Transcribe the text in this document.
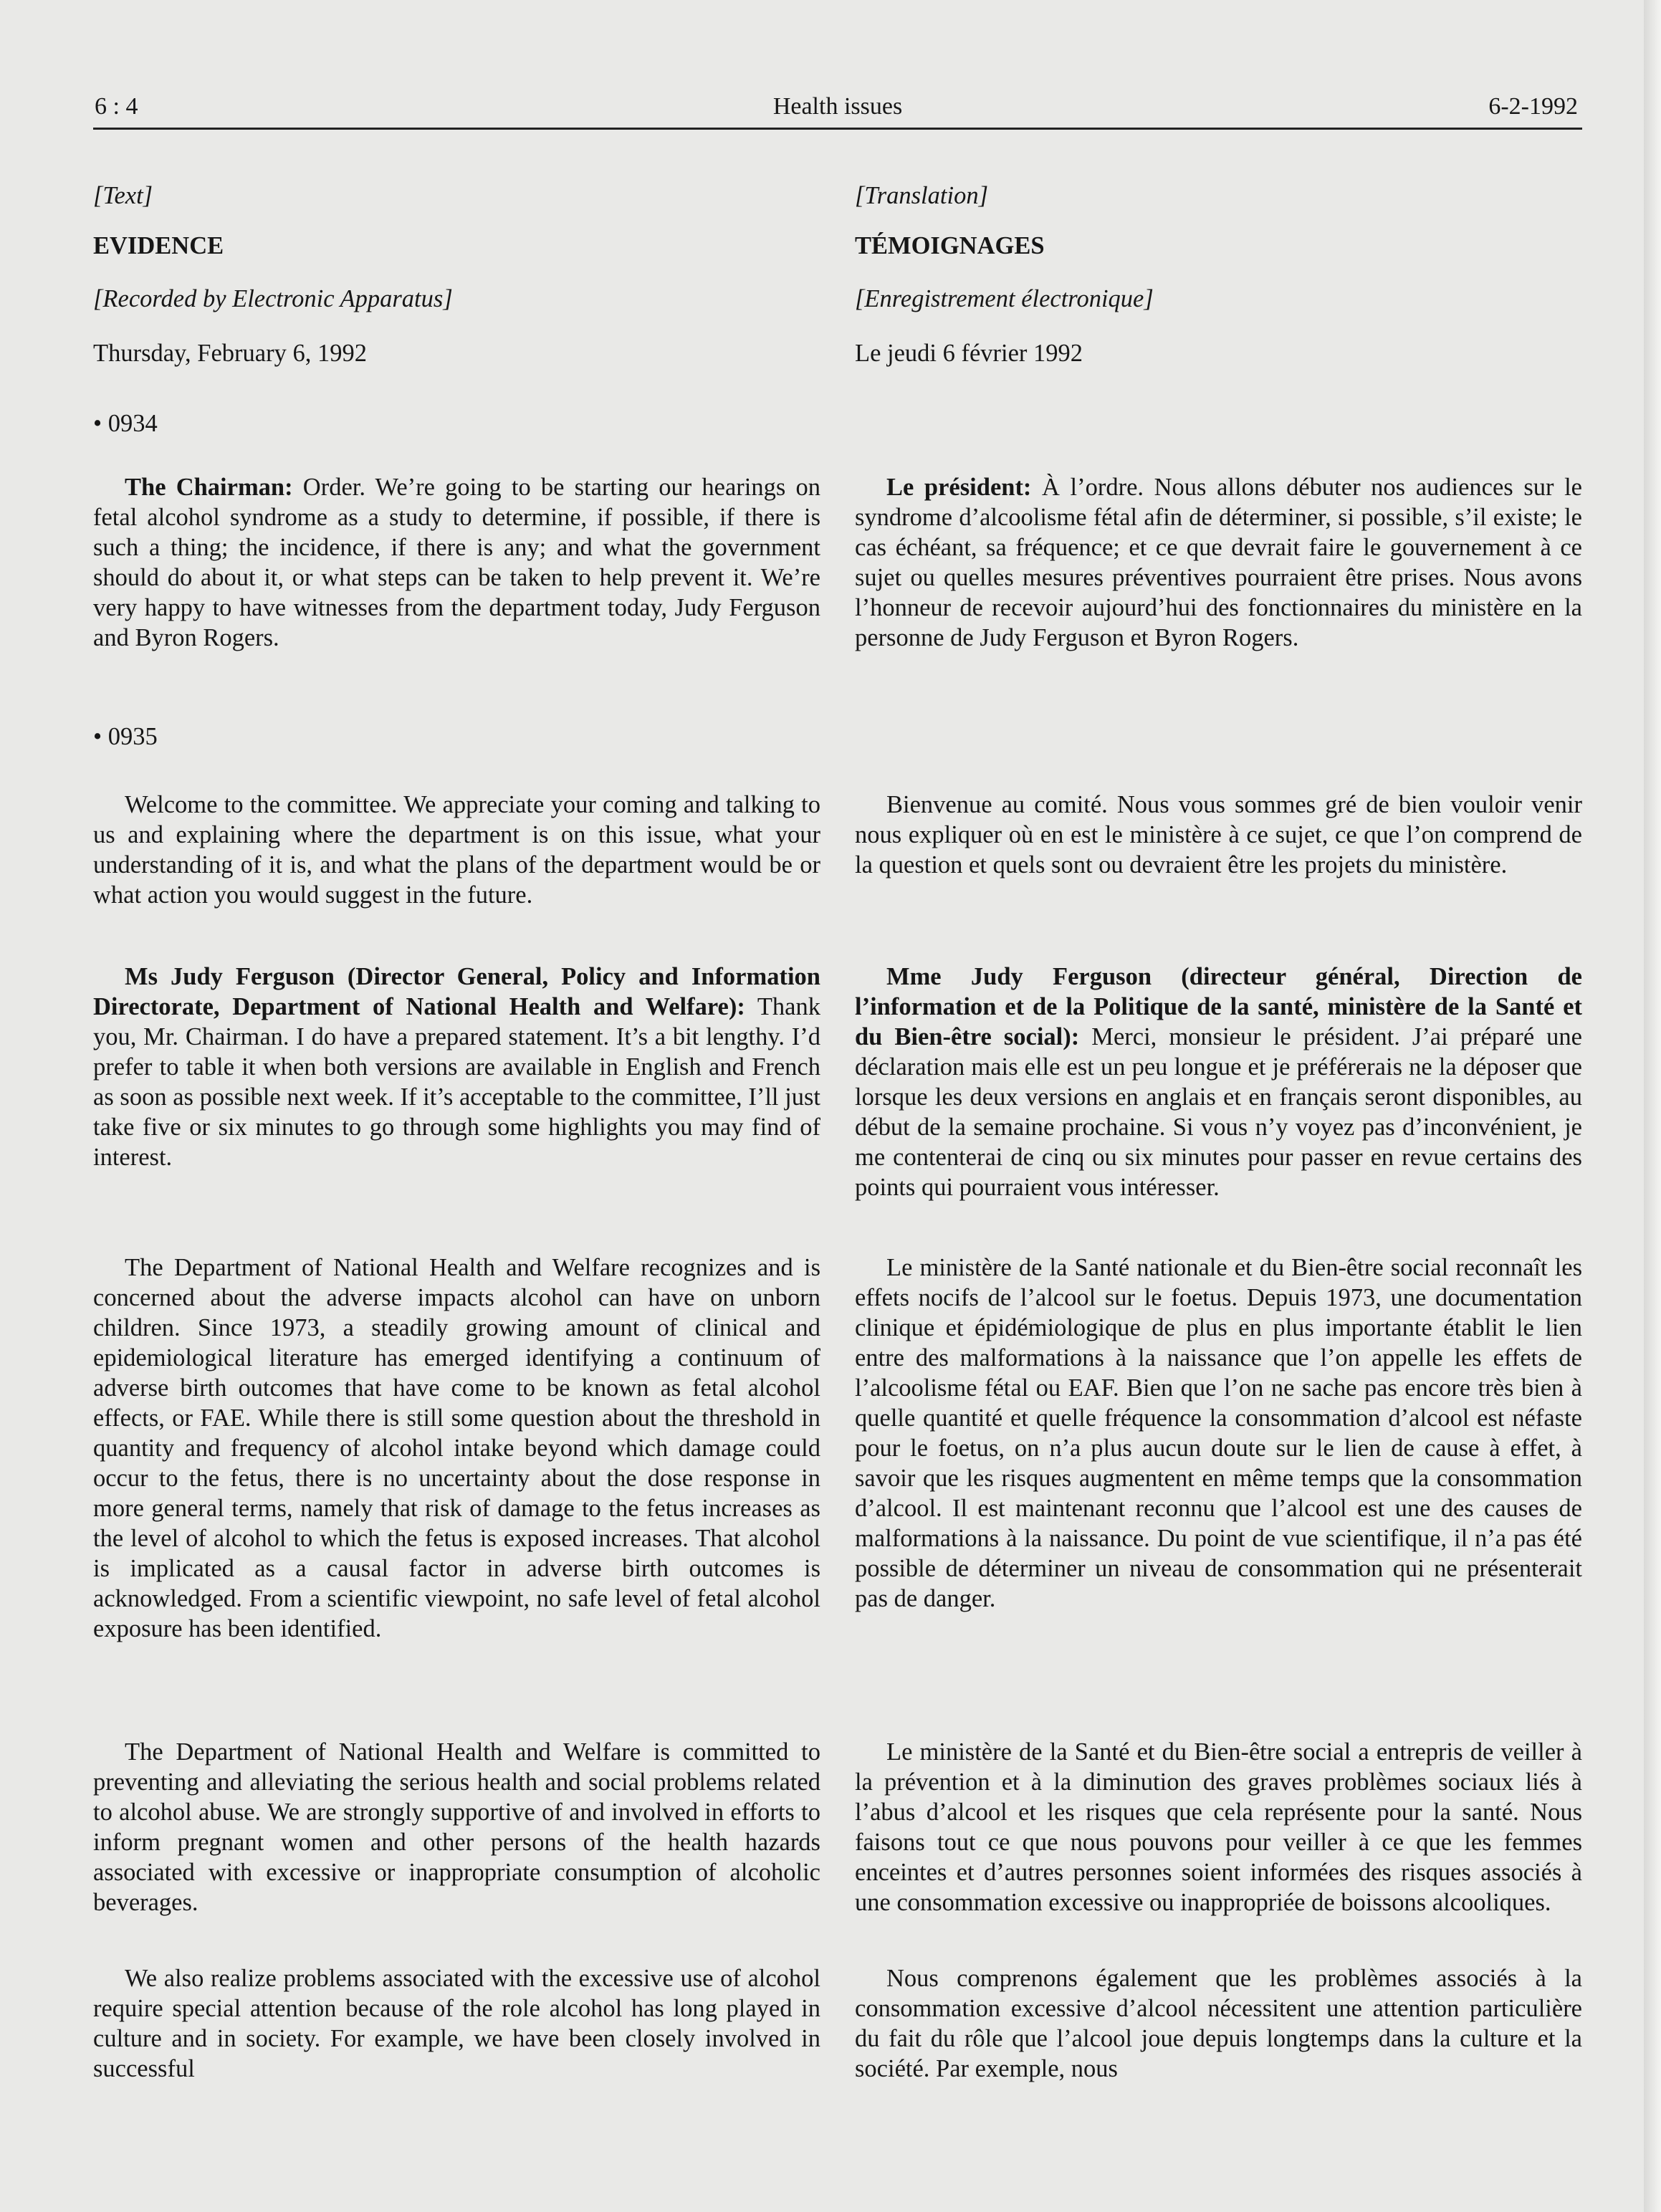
Health issues
6 : 4	6-2-1992

[Text]

EVIDENCE

[Recorded by Electronic Apparatus]

Thursday, February 6, 1992

• 0934

The Chairman: Order. We’re going to be starting our hearings on fetal alcohol syndrome as a study to determine, if possible, if there is such a thing; the incidence, if there is any; and what the government should do about it, or what steps can be taken to help prevent it. We’re very happy to have witnesses from the department today, Judy Ferguson and Byron Rogers.

• 0935

Welcome to the committee. We appreciate your coming and talking to us and explaining where the department is on this issue, what your understanding of it is, and what the plans of the department would be or what action you would suggest in the future.

Ms Judy Ferguson (Director General, Policy and Information Directorate, Department of National Health and Welfare): Thank you, Mr. Chairman. I do have a prepared statement. It’s a bit lengthy. I’d prefer to table it when both versions are available in English and French as soon as possible next week. If it’s acceptable to the committee, I’ll just take five or six minutes to go through some highlights you may find of interest.

The Department of National Health and Welfare recognizes and is concerned about the adverse impacts alcohol can have on unborn children. Since 1973, a steadily growing amount of clinical and epidemiological literature has emerged identifying a continuum of adverse birth outcomes that have come to be known as fetal alcohol effects, or FAE. While there is still some question about the threshold in quantity and frequency of alcohol intake beyond which damage could occur to the fetus, there is no uncertainty about the dose response in more general terms, namely that risk of damage to the fetus increases as the level of alcohol to which the fetus is exposed increases. That alcohol is implicated as a causal factor in adverse birth outcomes is acknowledged. From a scientific viewpoint, no safe level of fetal alcohol exposure has been identified.

The Department of National Health and Welfare is committed to preventing and alleviating the serious health and social problems related to alcohol abuse. We are strongly supportive of and involved in efforts to inform pregnant women and other persons of the health hazards associated with excessive or inappropriate consumption of alcoholic beverages.

We also realize problems associated with the excessive use of alcohol require special attention because of the role alcohol has long played in culture and in society. For example, we have been closely involved in successful

[Translation]

TÉMOIGNAGES

[Enregistrement électronique]

Le jeudi 6 février 1992

Le président: À l’ordre. Nous allons débuter nos audiences sur le syndrome d’alcoolisme fétal afin de déterminer, si possible, s’il existe; le cas échéant, sa fréquence; et ce que devrait faire le gouvernement à ce sujet ou quelles mesures préventives pourraient être prises. Nous avons l’honneur de recevoir aujourd’hui des fonctionnaires du ministère en la personne de Judy Ferguson et Byron Rogers.

Bienvenue au comité. Nous vous sommes gré de bien vouloir venir nous expliquer où en est le ministère à ce sujet, ce que l’on comprend de la question et quels sont ou devraient être les projets du ministère.

Mme Judy Ferguson (directeur général, Direction de l’information et de la Politique de la santé, ministère de la Santé et du Bien-être social): Merci, monsieur le président. J’ai préparé une déclaration mais elle est un peu longue et je préférerais ne la déposer que lorsque les deux versions en anglais et en français seront disponibles, au début de la semaine prochaine. Si vous n’y voyez pas d’inconvénient, je me contenterai de cinq ou six minutes pour passer en revue certains des points qui pourraient vous intéresser.

Le ministère de la Santé nationale et du Bien-être social reconnaît les effets nocifs de l’alcool sur le foetus. Depuis 1973, une documentation clinique et épidémiologique de plus en plus importante établit le lien entre des malformations à la naissance que l’on appelle les effets de l’alcoolisme fétal ou EAF. Bien que l’on ne sache pas encore très bien à quelle quantité et quelle fréquence la consommation d’alcool est néfaste pour le foetus, on n’a plus aucun doute sur le lien de cause à effet, à savoir que les risques augmentent en même temps que la consommation d’alcool. Il est maintenant reconnu que l’alcool est une des causes de malformations à la naissance. Du point de vue scientifique, il n’a pas été possible de déterminer un niveau de consommation qui ne présenterait pas de danger.

Le ministère de la Santé et du Bien-être social a entrepris de veiller à la prévention et à la diminution des graves problèmes sociaux liés à l’abus d’alcool et les risques que cela représente pour la santé. Nous faisons tout ce que nous pouvons pour veiller à ce que les femmes enceintes et d’autres personnes soient informées des risques associés à une consommation excessive ou inappropriée de boissons alcooliques.

Nous comprenons également que les problèmes associés à la consommation excessive d’alcool nécessitent une attention particulière du fait du rôle que l’alcool joue depuis longtemps dans la culture et la société. Par exemple, nous
